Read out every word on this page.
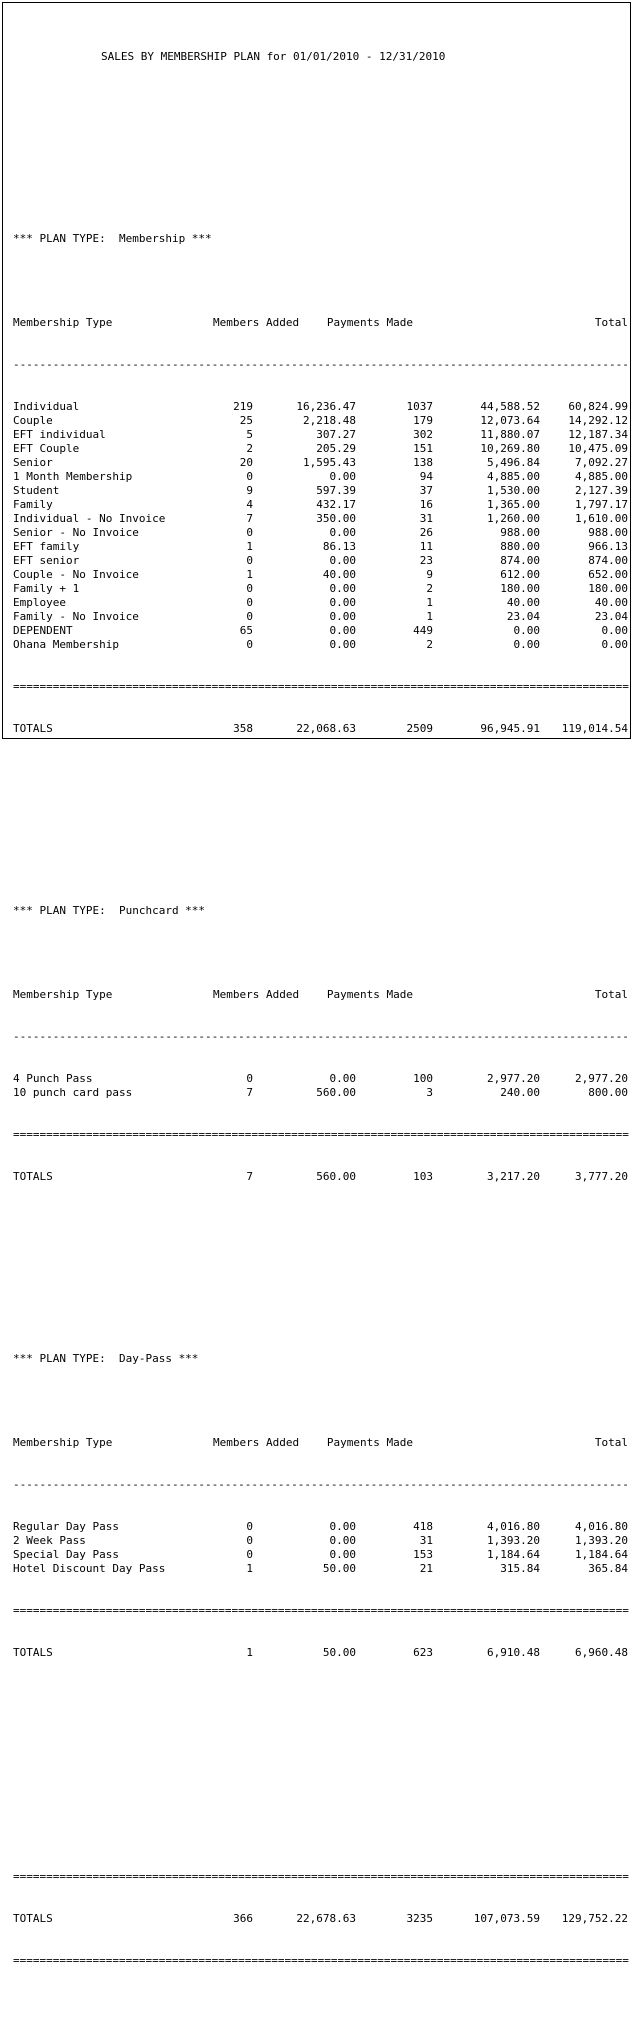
SALES BY MEMBERSHIP PLAN for 01/01/2010 - 12/31/2010

*** PLAN TYPE:  Membership ***

Membership Type	Members Added	Payments Made	Total

---------------------------------------------------------------------------------------------

Individual	219	16,236.47	1037	44,588.52	60,824.99
Couple	25	2,218.48	179	12,073.64	14,292.12
EFT individual	5	307.27	302	11,880.07	12,187.34
EFT Couple	2	205.29	151	10,269.80	10,475.09
Senior	20	1,595.43	138	5,496.84	7,092.27
1 Month Membership	0	0.00	94	4,885.00	4,885.00
Student	9	597.39	37	1,530.00	2,127.39
Family	4	432.17	16	1,365.00	1,797.17
Individual - No Invoice	7	350.00	31	1,260.00	1,610.00
Senior - No Invoice	0	0.00	26	988.00	988.00
EFT family	1	86.13	11	880.00	966.13
EFT senior	0	0.00	23	874.00	874.00
Couple - No Invoice	1	40.00	9	612.00	652.00
Family + 1	0	0.00	2	180.00	180.00
Employee	0	0.00	1	40.00	40.00
Family - No Invoice	0	0.00	1	23.04	23.04
DEPENDENT	65	0.00	449	0.00	0.00
Ohana Membership	0	0.00	2	0.00	0.00

=============================================================================================

TOTALS	358	22,068.63	2509	96,945.91	119,014.54

*** PLAN TYPE:  Punchcard ***

Membership Type	Members Added	Payments Made	Total

---------------------------------------------------------------------------------------------

4 Punch Pass	0	0.00	100	2,977.20	2,977.20
10 punch card pass	7	560.00	3	240.00	800.00

=============================================================================================

TOTALS	7	560.00	103	3,217.20	3,777.20

*** PLAN TYPE:  Day-Pass ***

Membership Type	Members Added	Payments Made	Total

---------------------------------------------------------------------------------------------

Regular Day Pass	0	0.00	418	4,016.80	4,016.80
2 Week Pass	0	0.00	31	1,393.20	1,393.20
Special Day Pass	0	0.00	153	1,184.64	1,184.64
Hotel Discount Day Pass	1	50.00	21	315.84	365.84

=============================================================================================

TOTALS	1	50.00	623	6,910.48	6,960.48

=============================================================================================

TOTALS	366	22,678.63	3235	107,073.59	129,752.22

=============================================================================================
